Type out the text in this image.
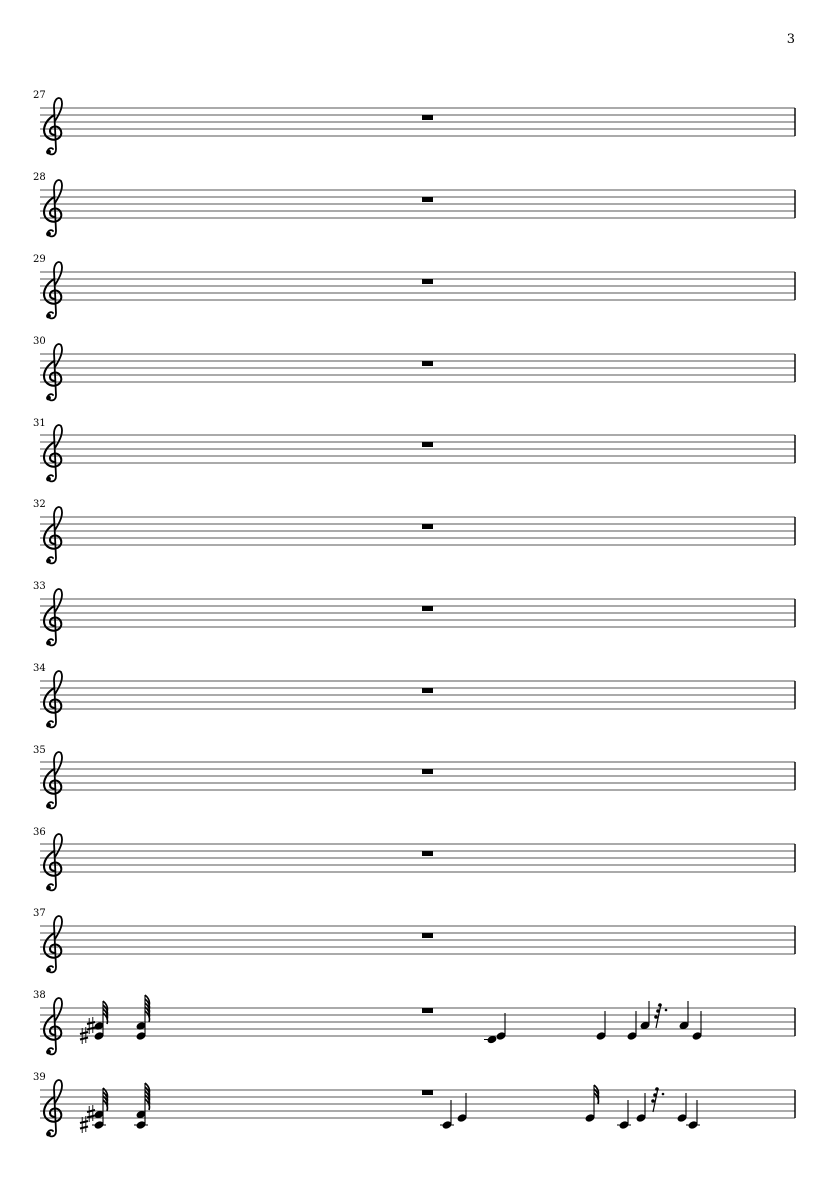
3
27
28
29
30
31
32
33
34
35
36
37
38
39
